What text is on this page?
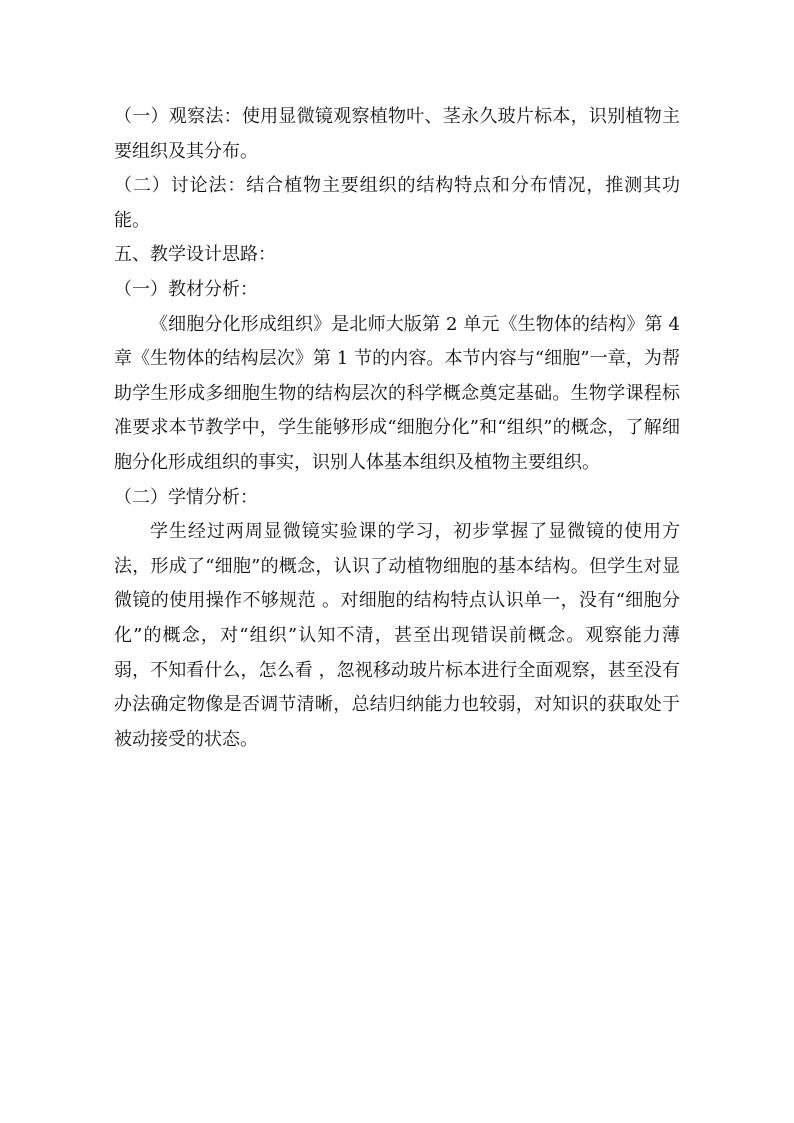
（一）观察法：使用显微镜观察植物叶、茎永久玻片标本，识别植物主要组织及其分布。

（二）讨论法：结合植物主要组织的结构特点和分布情况，推测其功能。

五、教学设计思路：

（一）教材分析：

《细胞分化形成组织》是北师大版第 2 单元《生物体的结构》第 4 章《生物体的结构层次》第 1 节的内容。本节内容与“细胞”一章，为帮助学生形成多细胞生物的结构层次的科学概念奠定基础。生物学课程标准要求本节教学中，学生能够形成“细胞分化”和“组织”的概念，了解细胞分化形成组织的事实，识别人体基本组织及植物主要组织。

（二）学情分析：

学生经过两周显微镜实验课的学习，初步掌握了显微镜的使用方法，形成了“细胞”的概念，认识了动植物细胞的基本结构。但学生对显微镜的使用操作不够规范 。对细胞的结构特点认识单一，没有“细胞分化”的概念，对“组织”认知不清，甚至出现错误前概念。观察能力薄弱，不知看什么，怎么看 ，忽视移动玻片标本进行全面观察，甚至没有办法确定物像是否调节清晰，总结归纳能力也较弱，对知识的获取处于被动接受的状态。
